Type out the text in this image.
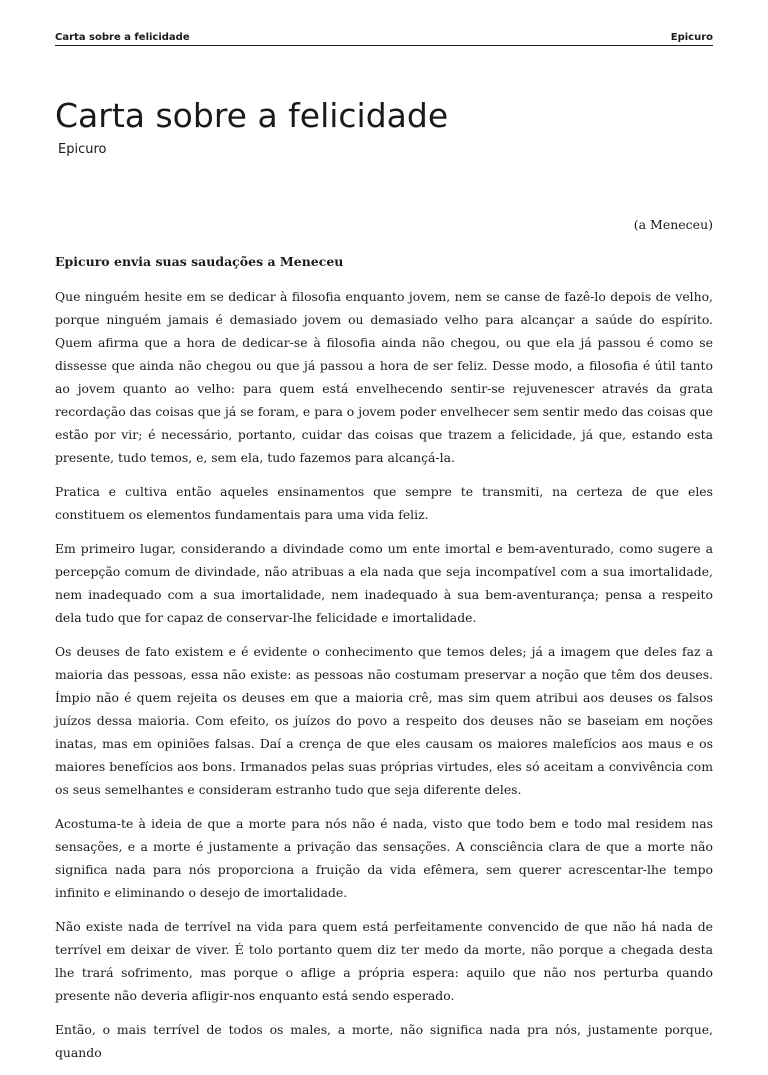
Carta sobre a felicidade	Epicuro
Carta sobre a felicidade
Epicuro
(a Meneceu)

Epicuro envia suas saudações a Meneceu

Que ninguém hesite em se dedicar à filosofia enquanto jovem, nem se canse de fazê-lo depois de velho, porque ninguém jamais é demasiado jovem ou demasiado velho para alcançar a saúde do espírito. Quem afirma que a hora de dedicar-se à filosofia ainda não chegou, ou que ela já passou é como se dissesse que ainda não chegou ou que já passou a hora de ser feliz. Desse modo, a filosofia é útil tanto ao jovem quanto ao velho: para quem está envelhecendo sentir-se rejuvenescer através da grata recordação das coisas que já se foram, e para o jovem poder envelhecer sem sentir medo das coisas que estão por vir; é necessário, portanto, cuidar das coisas que trazem a felicidade, já que, estando esta presente, tudo temos, e, sem ela, tudo fazemos para alcançá-la.

Pratica e cultiva então aqueles ensinamentos que sempre te transmiti, na certeza de que eles constituem os elementos fundamentais para uma vida feliz.

Em primeiro lugar, considerando a divindade como um ente imortal e bem-aventurado, como sugere a percepção comum de divindade, não atribuas a ela nada que seja incompatível com a sua imortalidade, nem inadequado com a sua imortalidade, nem inadequado à sua bem-aventurança; pensa a respeito dela tudo que for capaz de conservar-lhe felicidade e imortalidade.

Os deuses de fato existem e é evidente o conhecimento que temos deles; já a imagem que deles faz a maioria das pessoas, essa não existe: as pessoas não costumam preservar a noção que têm dos deuses. Ímpio não é quem rejeita os deuses em que a maioria crê, mas sim quem atribui aos deuses os falsos juízos dessa maioria. Com efeito, os juízos do povo a respeito dos deuses não se baseiam em noções inatas, mas em opiniões falsas. Daí a crença de que eles causam os maiores malefícios aos maus e os maiores benefícios aos bons. Irmanados pelas suas próprias virtudes, eles só aceitam a convivência com os seus semelhantes e consideram estranho tudo que seja diferente deles.

Acostuma-te à ideia de que a morte para nós não é nada, visto que todo bem e todo mal residem nas sensações, e a morte é justamente a privação das sensações. A consciência clara de que a morte não significa nada para nós proporciona a fruição da vida efêmera, sem querer acrescentar-lhe tempo infinito e eliminando o desejo de imortalidade.

Não existe nada de terrível na vida para quem está perfeitamente convencido de que não há nada de terrível em deixar de viver. É tolo portanto quem diz ter medo da morte, não porque a chegada desta lhe trará sofrimento, mas porque o aflige a própria espera: aquilo que não nos perturba quando presente não deveria afligir-nos enquanto está sendo esperado.

Então, o mais terrível de todos os males, a morte, não significa nada pra nós, justamente porque, quando
